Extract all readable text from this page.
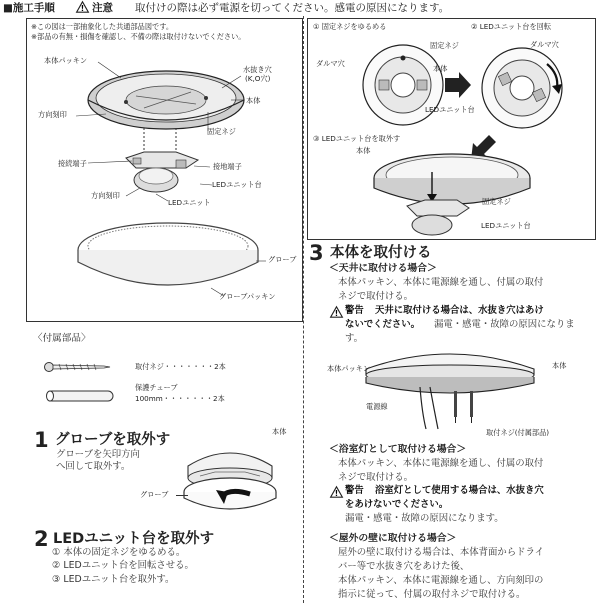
■施工手順	! 注意 取付けの際は必ず電源を切ってください。感電の原因になります。
※この図は一部抽象化した共通部品図です。
※部品の有無・損傷を確認し、不備の際は取付けないでください。
本体パッキン
水抜き穴
(K,O穴)
本体
方向刻印
固定ネジ
接続端子	接地端子
LEDユニット台
方向刻印
LEDユニット
グローブ
グローブパッキン
〈付属部品〉
取付ネジ・・・・・・・2本
保護チューブ
100mm・・・・・・・2本
1 グローブを取外す
グローブを矢印方向
へ回して取外す。
本体
グローブ
2 LEDユニット台を取外す
① 本体の固定ネジをゆるめる。
② LEDユニット台を回転させる。
③ LEDユニット台を取外す。
① 固定ネジをゆるめる	② LEDユニット台を回転
固定ネジ	ダルマ穴
ダルマ穴
本体
LEDユニット台
③ LEDユニット台を取外す
本体
固定ネジ
LEDユニット台
3 本体を取付ける
＜天井に取付ける場合＞
本体パッキン、本体に電源線を通し、付属の取付
ネジで取付ける。
! 警告 天井に取付ける場合は、水抜き穴はあけ
ないでください。 漏電・感電・故障の原因になりま
す。
本体パッキン	本体
電源線
取付ネジ(付属部品)
＜浴室灯として取付ける場合＞
本体パッキン、本体に電源線を通し、付属の取付
ネジで取付ける。
! 警告 浴室灯として使用する場合は、水抜き穴
をあけないでください。
漏電・感電・故障の原因になります。
＜屋外の壁に取付ける場合＞
屋外の壁に取付ける場合は、本体背面からドライ
バー等で水抜き穴をあけた後、
本体パッキン、本体に電源線を通し、方向刻印の
指示に従って、付属の取付ネジで取付ける。
